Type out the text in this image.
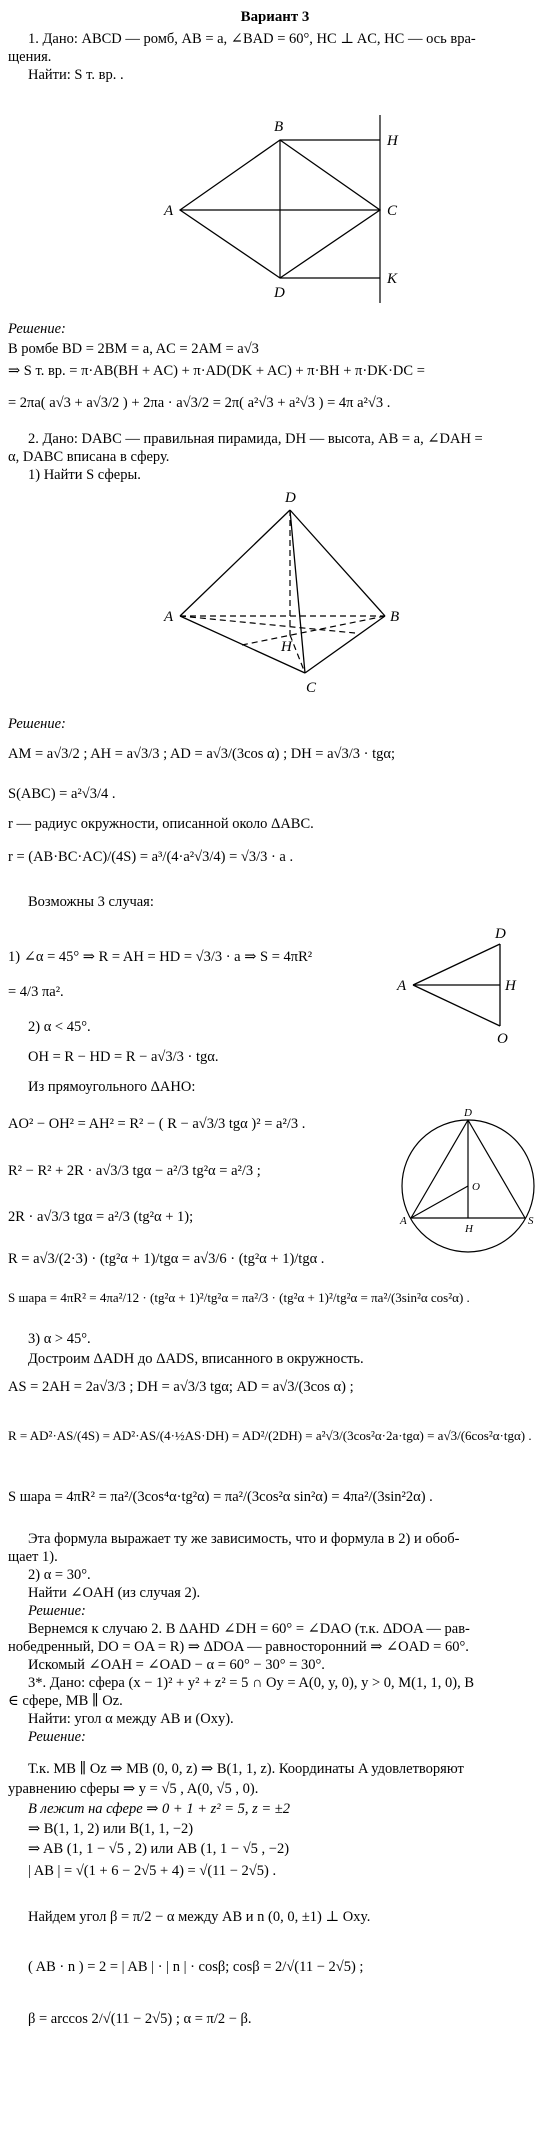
Вариант 3
1. Дано: ABCD — ромб, AB = a, ∠BAD = 60°, HC ⊥ AC, HC — ось вра-
щения.
Найти: S т. вр. .
A
B
C
D
H
K
Решение:
В ромбе BD = 2BM = a, AC = 2AM = a√3
⇒ S т. вр. = π·AB(BH + AC) + π·AD(DK + AC) + π·BH + π·DK·DC =
= 2πa( a√3 + a√3/2 ) + 2πa · a√3/2 = 2π( a²√3 + a²√3 ) = 4π a²√3 .
2. Дано: DABC — правильная пирамида, DH — высота, AB = a, ∠DAH =
α, DABC вписана в сферу.
1) Найти S сферы.
D
A	B
C
H
Решение:
AM = a√3/2 ; AH = a√3/3 ; AD = a√3/(3cos α) ; DH = a√3/3 · tgα;
S(ABC) = a²√3/4 .
r — радиус окружности, описанной около ΔABC.
r = (AB·BC·AC)/(4S) = a³/(4·a²√3/4) = √3/3 · a .
Возможны 3 случая:
1) ∠α = 45° ⇒ R = AH = HD = √3/3 · a ⇒ S = 4πR²
= 4/3 πa².	A
D
H
O
2) α < 45°.
OH = R − HD = R − a√3/3 · tgα.
Из прямоугольного ΔAHO:
D
O
A
H
S
AO² − OH² = AH² = R² − ( R − a√3/3 tgα )² = a²/3 .
R² − R² + 2R · a√3/3 tgα − a²/3 tg²α = a²/3 ;
2R · a√3/3 tgα = a²/3 (tg²α + 1);
R = a√3/(2·3) · (tg²α + 1)/tgα = a√3/6 · (tg²α + 1)/tgα .
S шара = 4πR² = 4πa²/12 · (tg²α + 1)²/tg²α = πa²/3 · (tg²α + 1)²/tg²α = πa²/(3sin²α cos²α) .
3) α > 45°.
Достроим ΔADH до ΔADS, вписанного в окружность.
AS = 2AH = 2a√3/3 ; DH = a√3/3 tgα; AD = a√3/(3cos α) ;
R = AD²·AS/(4S) = AD²·AS/(4·½AS·DH) = AD²/(2DH) = a²√3/(3cos²α·2a·tgα) = a√3/(6cos²α·tgα) .
S шара = 4πR² = πa²/(3cos⁴α·tg²α) = πa²/(3cos²α sin²α) = 4πa²/(3sin²2α) .
Эта формула выражает ту же зависимость, что и формула в 2) и обоб-
щает 1).
2) α = 30°.
Найти ∠OAH (из случая 2).
Решение:
Вернемся к случаю 2. В ΔAHD ∠DH = 60° = ∠DAO (т.к. ΔDOA — рав-
нобедренный, DO = OA = R) ⇒ ΔDOA — равносторонний ⇒ ∠OAD = 60°.
Искомый ∠OAH = ∠OAD − α = 60° − 30° = 30°.
3*. Дано: сфера (x − 1)² + y² + z² = 5 ∩ Oy = A(0, y, 0), y > 0, M(1, 1, 0), B
∈ сфере, MB ∥ Oz.
Найти: угол α между AB и (Oxy).
Решение:
Т.к. MB ∥ Oz ⇒ MB (0, 0, z) ⇒ B(1, 1, z). Координаты A удовлетворяют
уравнению сферы ⇒ y = √5 , A(0, √5 , 0).
B лежит на сфере ⇒ 0 + 1 + z² = 5, z = ±2
⇒ B(1, 1, 2) или B(1, 1, −2)
⇒ AB (1, 1 − √5 , 2) или AB (1, 1 − √5 , −2)
| AB | = √(1 + 6 − 2√5 + 4) = √(11 − 2√5) .
Найдем угол β = π/2 − α между AB и n (0, 0, ±1) ⊥ Oxy.
( AB · n ) = 2 = | AB | · | n | · cosβ; cosβ = 2/√(11 − 2√5) ;
β = arccos 2/√(11 − 2√5) ; α = π/2 − β.
